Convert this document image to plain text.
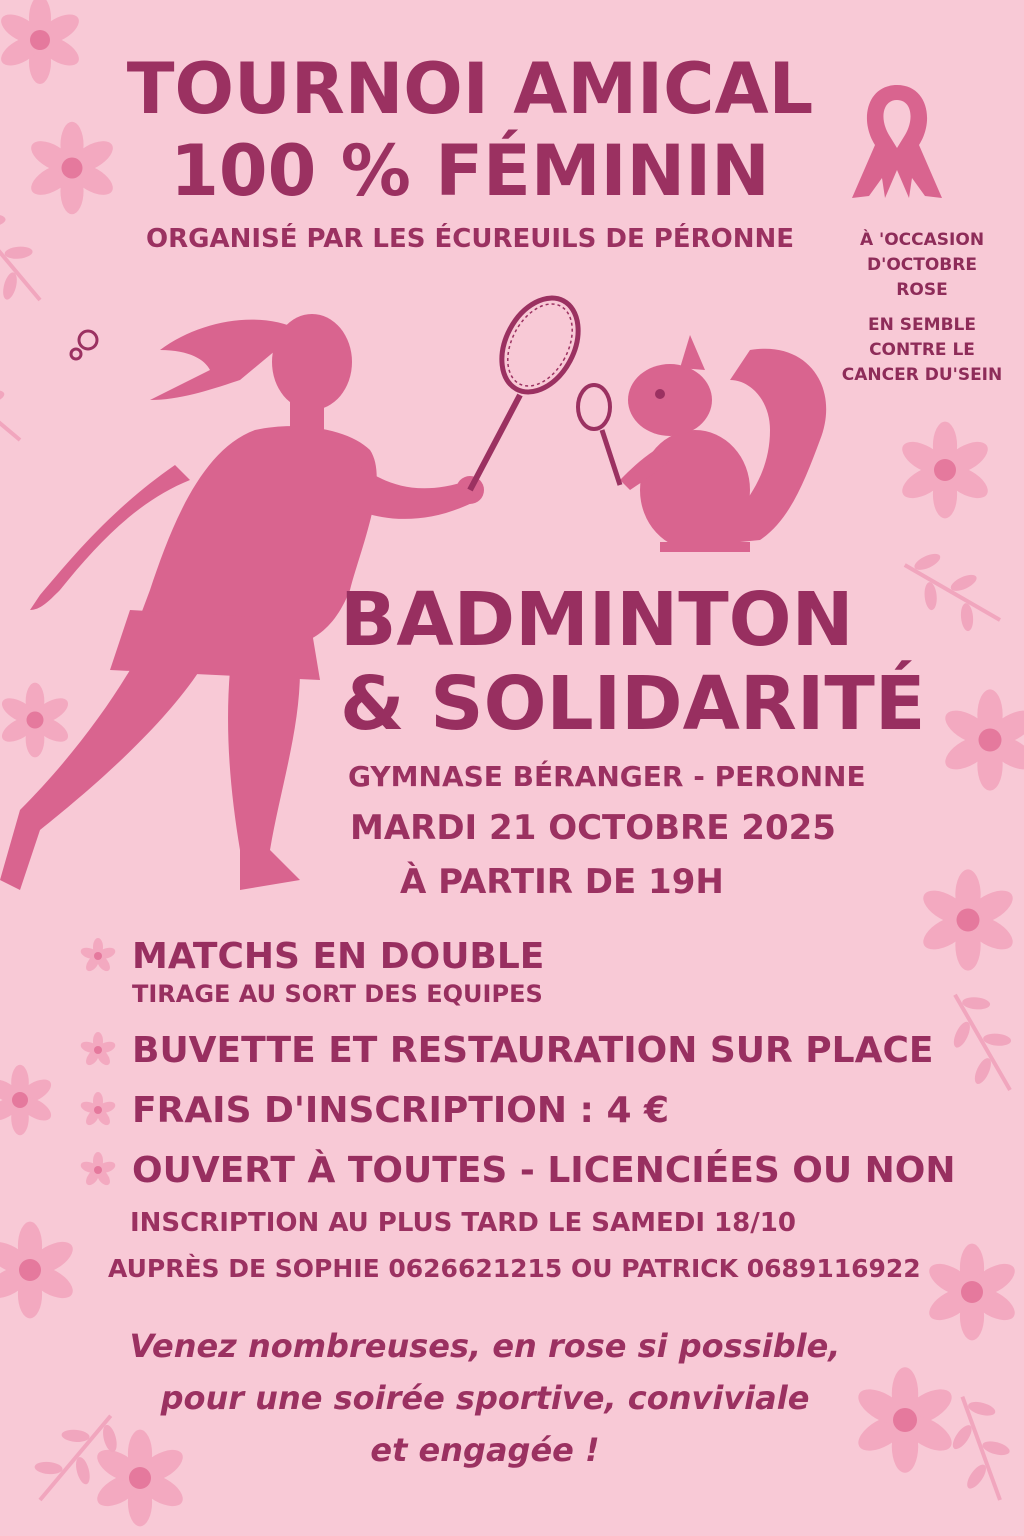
TOURNOI AMICAL
100 % FÉMININ
ORGANISÉ PAR LES ÉCUREUILS DE PÉRONNE	À 'OCCASION
D'OCTOBRE
ROSE
EN SEMBLE
CONTRE LE
CANCER DU'SEIN
BADMINTON
& SOLIDARITÉ
GYMNASE BÉRANGER - PERONNE
MARDI 21 OCTOBRE 2025
À PARTIR DE 19H
MATCHS EN DOUBLE
TIRAGE AU SORT DES EQUIPES
BUVETTE ET RESTAURATION SUR PLACE
FRAIS D'INSCRIPTION : 4 €
OUVERT À TOUTES - LICENCIÉES OU NON
INSCRIPTION AU PLUS TARD LE SAMEDI 18/10
AUPRÈS DE SOPHIE 0626621215 OU PATRICK 0689116922
Venez nombreuses, en rose si possible,
pour une soirée sportive, conviviale
et engagée !
